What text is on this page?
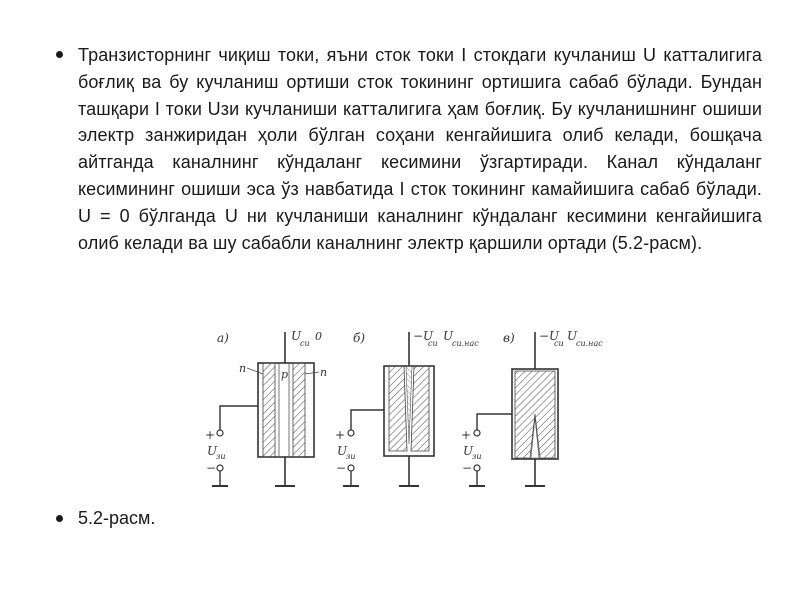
Транзисторнинг чиқиш токи, яъни сток токи I стокдаги кучланиш U катталигига боғлиқ ва бу кучланиш ортиши сток токининг ортишига сабаб бўлади. Бундан ташқари I токи Uзи кучланиши катталигига ҳам боғлиқ. Бу кучланишнинг ошиши электр занжиридан ҳоли бўлган соҳани кенгайишига олиб келади, бошқача айтганда каналнинг кўндаланг кесимини ўзгартиради. Канал кўндаланг кесимининг ошиши эса ўз навбатида I сток токининг камайишига сабаб бўлади. U = 0 бўлганда U ни кучланиши каналнинг кўндаланг кесимини кенгайишига олиб келади ва шу сабабли каналнинг электр қаршили ортади (5.2-расм).

a)	U
си
0
n	p	n
+
U
зи
−
б)	−U
си
U
си.нас
+
U
зи
−
в) −U
си
U
си.нас
+
U
зи
−
5.2-расм.
